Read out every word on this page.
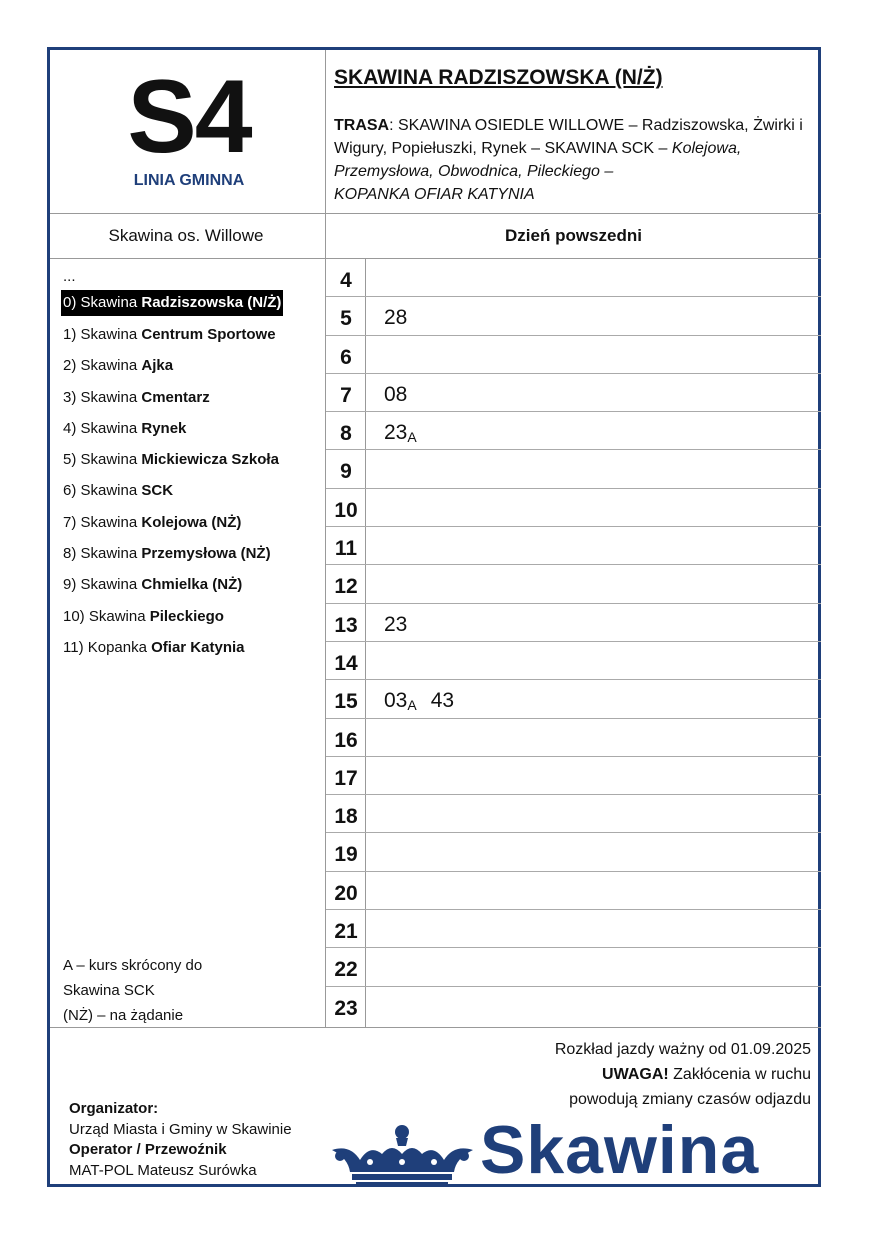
S4
LINIA GMINNA
SKAWINA RADZISZOWSKA (N/Ż)
TRASA: SKAWINA OSIEDLE WILLOWE – Radziszowska, Żwirki i Wigury, Popiełuszki, Rynek – SKAWINA SCK – Kolejowa, Przemysłowa, Obwodnica, Pileckiego –
KOPANKA OFIAR KATYNIA
Skawina os. Willowe	Dzień powszedni
...
0) Skawina Radziszowska (N/Ż)
1) Skawina Centrum Sportowe
2) Skawina Ajka
3) Skawina Cmentarz
4) Skawina Rynek
5) Skawina Mickiewicza Szkoła
6) Skawina SCK
7) Skawina Kolejowa (NŻ)
8) Skawina Przemysłowa (NŻ)
9) Skawina Chmielka (NŻ)
10) Skawina Pileckiego
11) Kopanka Ofiar Katynia
4
5	28
6
7	08
8	$23_A$
9
10
11
12
13	23
14
15	$03_A$ 43
16
17
18
19
20
21
22
23
A – kurs skrócony do
Skawina SCK
(NŻ) – na żądanie
Rozkład jazdy ważny od 01.09.2025
UWAGA! Zakłócenia w ruchu
powodują zmiany czasów odjazdu
Organizator:
Urząd Miasta i Gminy w Skawinie
Operator / Przewoźnik
MAT-POL Mateusz Surówka	Skawina
